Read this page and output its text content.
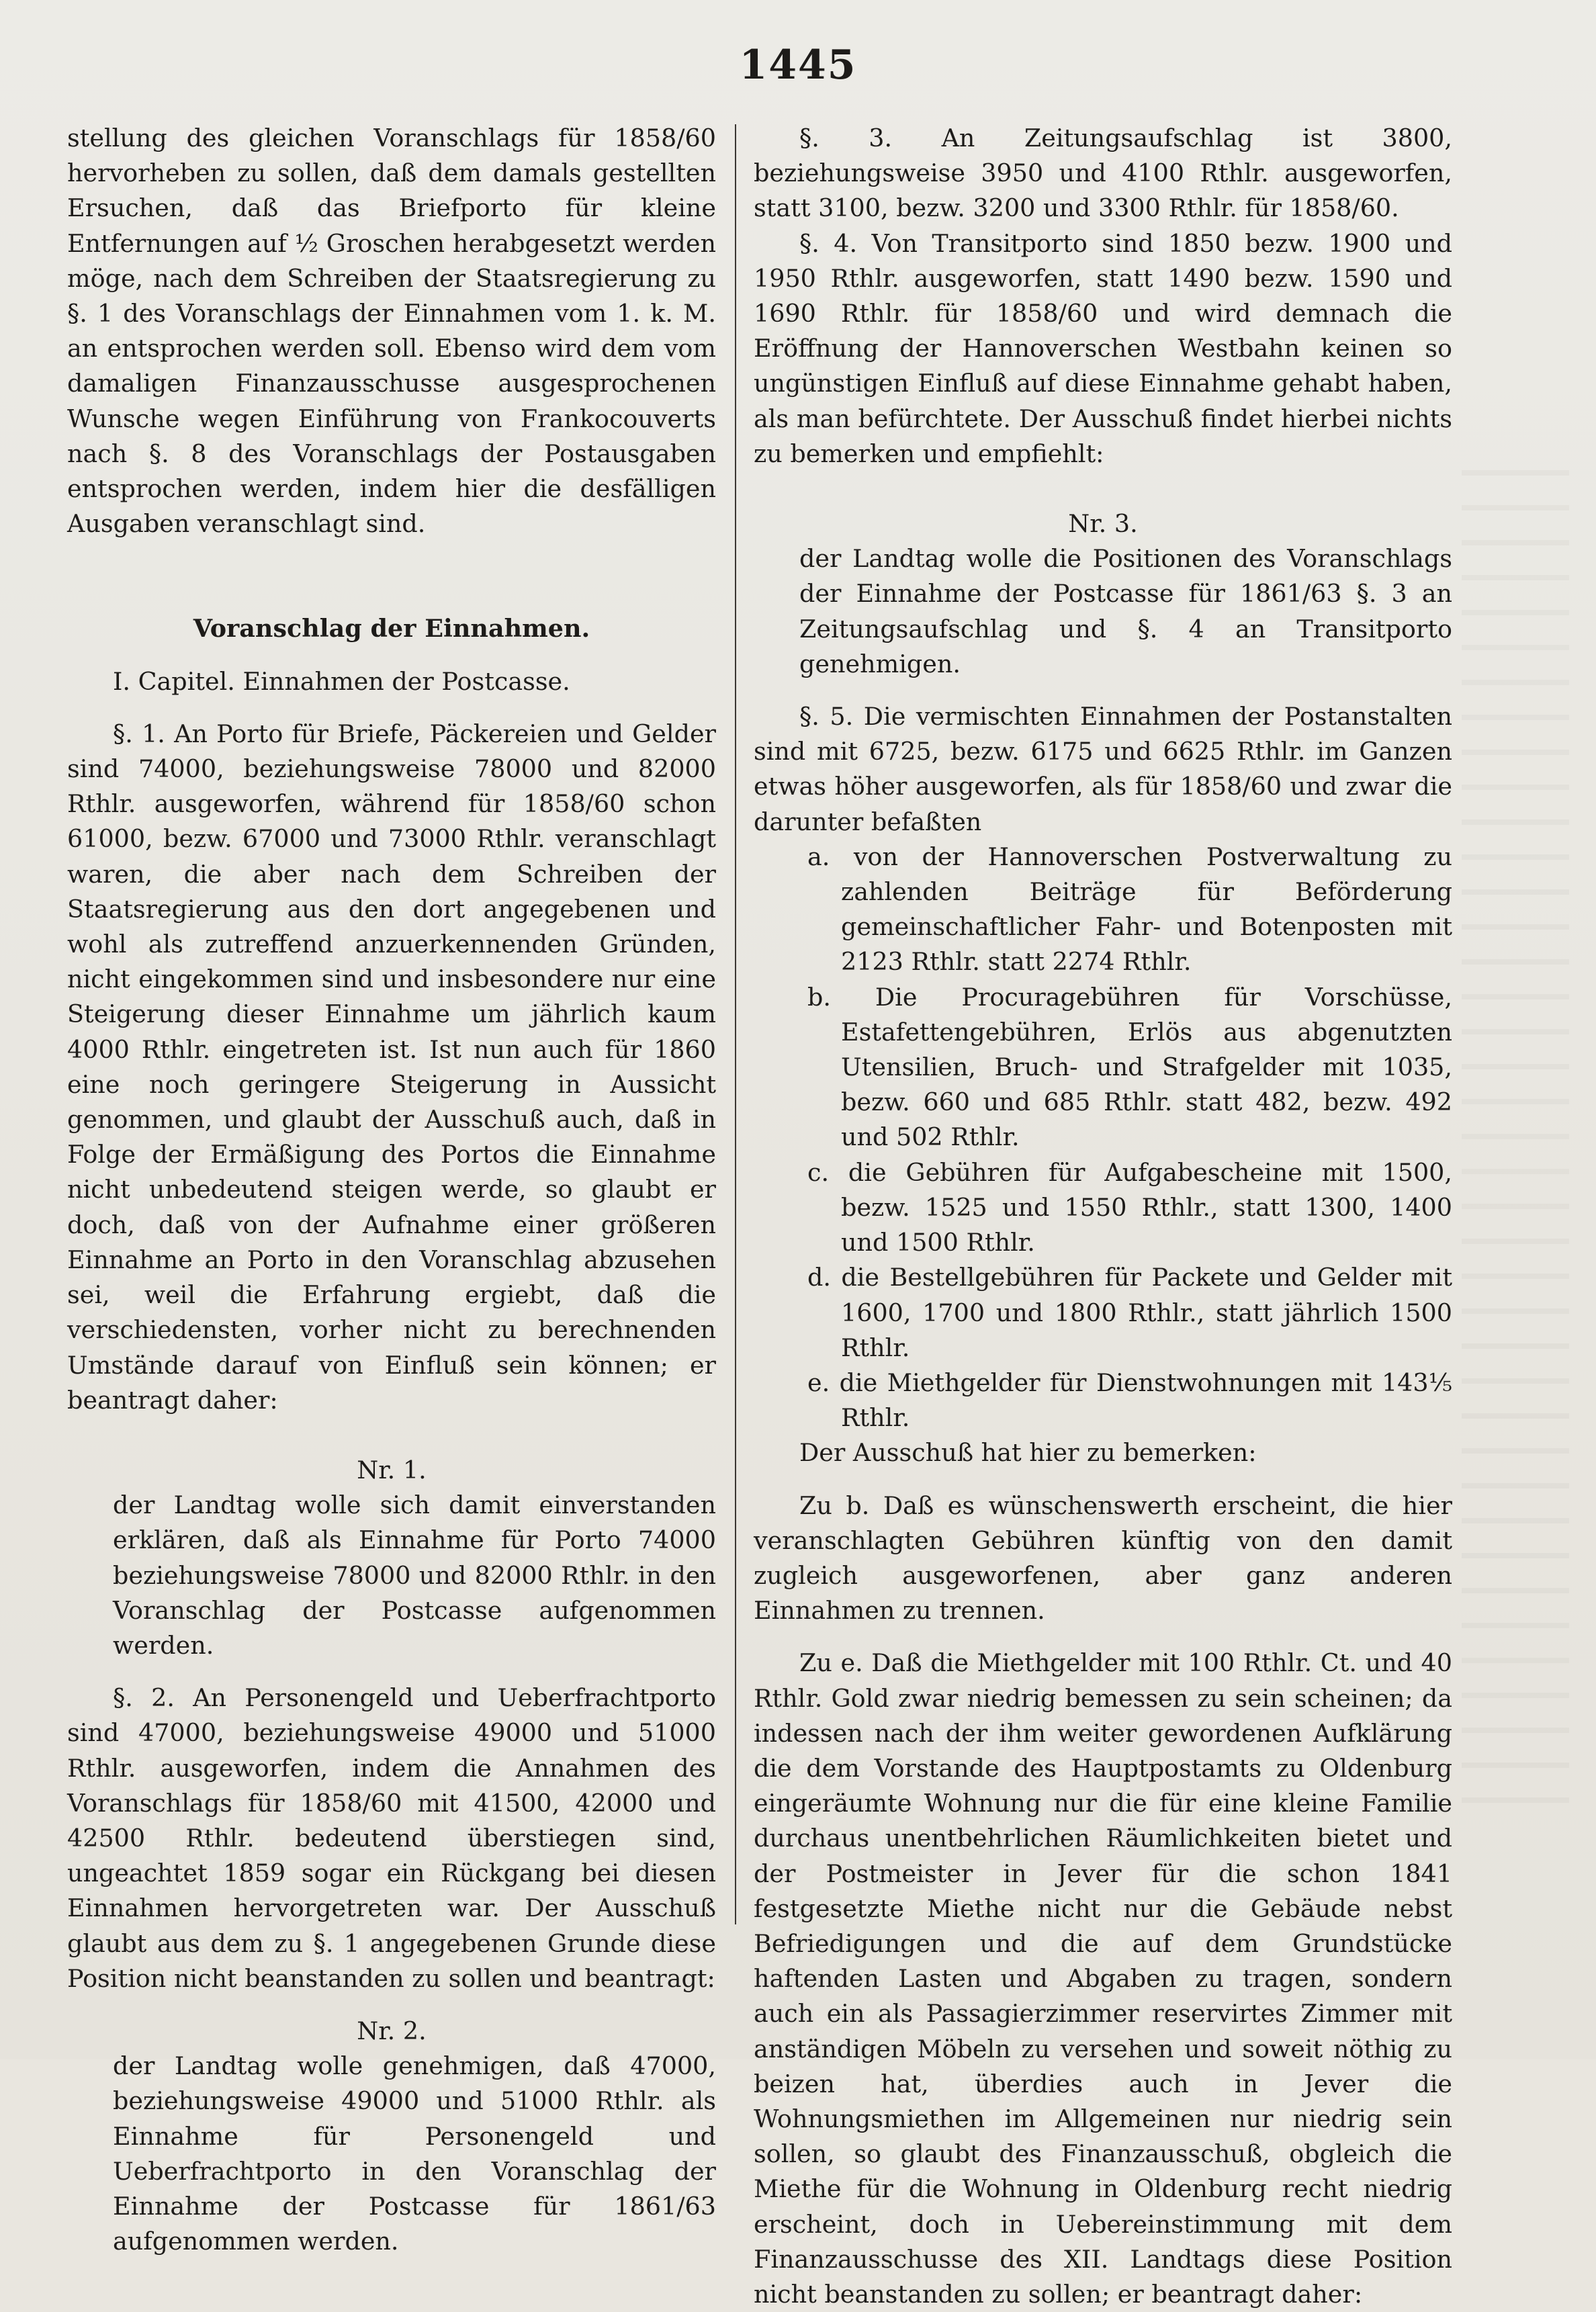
1445

stellung des gleichen Voranschlags für 1858/60 hervorheben zu sollen, daß dem damals gestellten Ersuchen, daß das Briefporto für kleine Entfernungen auf ½ Groschen herabgesetzt werden möge, nach dem Schreiben der Staatsregierung zu §. 1 des Voranschlags der Einnahmen vom 1. k. M. an entsprochen werden soll. Ebenso wird dem vom damaligen Finanzausschusse ausgesprochenen Wunsche wegen Einführung von Frankocouverts nach §. 8 des Voranschlags der Postausgaben entsprochen werden, indem hier die desfälligen Ausgaben veranschlagt sind.

Voranschlag der Einnahmen.

I. Capitel. Einnahmen der Postcasse.

§. 1. An Porto für Briefe, Päckereien und Gelder sind 74000, beziehungsweise 78000 und 82000 Rthlr. ausgeworfen, während für 1858/60 schon 61000, bezw. 67000 und 73000 Rthlr. veranschlagt waren, die aber nach dem Schreiben der Staatsregierung aus den dort angegebenen und wohl als zutreffend anzuerkennenden Gründen, nicht eingekommen sind und insbesondere nur eine Steigerung dieser Einnahme um jährlich kaum 4000 Rthlr. eingetreten ist. Ist nun auch für 1860 eine noch geringere Steigerung in Aussicht genommen, und glaubt der Ausschuß auch, daß in Folge der Ermäßigung des Portos die Einnahme nicht unbedeutend steigen werde, so glaubt er doch, daß von der Aufnahme einer größeren Einnahme an Porto in den Voranschlag abzusehen sei, weil die Erfahrung ergiebt, daß die verschiedensten, vorher nicht zu berechnenden Umstände darauf von Einfluß sein können; er beantragt daher:

Nr. 1.

der Landtag wolle sich damit einverstanden erklären, daß als Einnahme für Porto 74000 beziehungsweise 78000 und 82000 Rthlr. in den Voranschlag der Postcasse aufgenommen werden.

§. 2. An Personengeld und Ueberfrachtporto sind 47000, beziehungsweise 49000 und 51000 Rthlr. ausgeworfen, indem die Annahmen des Voranschlags für 1858/60 mit 41500, 42000 und 42500 Rthlr. bedeutend überstiegen sind, ungeachtet 1859 sogar ein Rückgang bei diesen Einnahmen hervorgetreten war. Der Ausschuß glaubt aus dem zu §. 1 angegebenen Grunde diese Position nicht beanstanden zu sollen und beantragt:

Nr. 2.

der Landtag wolle genehmigen, daß 47000, beziehungsweise 49000 und 51000 Rthlr. als Einnahme für Personengeld und Ueberfrachtporto in den Voranschlag der Einnahme der Postcasse für 1861/63 aufgenommen werden.

§. 3. An Zeitungsaufschlag ist 3800, beziehungsweise 3950 und 4100 Rthlr. ausgeworfen, statt 3100, bezw. 3200 und 3300 Rthlr. für 1858/60.

§. 4. Von Transitporto sind 1850 bezw. 1900 und 1950 Rthlr. ausgeworfen, statt 1490 bezw. 1590 und 1690 Rthlr. für 1858/60 und wird demnach die Eröffnung der Hannoverschen Westbahn keinen so ungünstigen Einfluß auf diese Einnahme gehabt haben, als man befürchtete. Der Ausschuß findet hierbei nichts zu bemerken und empfiehlt:

Nr. 3.

der Landtag wolle die Positionen des Voranschlags der Einnahme der Postcasse für 1861/63 §. 3 an Zeitungsaufschlag und §. 4 an Transitporto genehmigen.

§. 5. Die vermischten Einnahmen der Postanstalten sind mit 6725, bezw. 6175 und 6625 Rthlr. im Ganzen etwas höher ausgeworfen, als für 1858/60 und zwar die darunter befaßten

a. von der Hannoverschen Postverwaltung zu zahlenden Beiträge für Beförderung gemeinschaftlicher Fahr- und Botenposten mit 2123 Rthlr. statt 2274 Rthlr.

b. Die Procuragebühren für Vorschüsse, Estafettengebühren, Erlös aus abgenutzten Utensilien, Bruch- und Strafgelder mit 1035, bezw. 660 und 685 Rthlr. statt 482, bezw. 492 und 502 Rthlr.

c. die Gebühren für Aufgabescheine mit 1500, bezw. 1525 und 1550 Rthlr., statt 1300, 1400 und 1500 Rthlr.

d. die Bestellgebühren für Packete und Gelder mit 1600, 1700 und 1800 Rthlr., statt jährlich 1500 Rthlr.

e. die Miethgelder für Dienstwohnungen mit 143⅕ Rthlr.

Der Ausschuß hat hier zu bemerken:

Zu b. Daß es wünschenswerth erscheint, die hier veranschlagten Gebühren künftig von den damit zugleich ausgeworfenen, aber ganz anderen Einnahmen zu trennen.

Zu e. Daß die Miethgelder mit 100 Rthlr. Ct. und 40 Rthlr. Gold zwar niedrig bemessen zu sein scheinen; da indessen nach der ihm weiter gewordenen Aufklärung die dem Vorstande des Hauptpostamts zu Oldenburg eingeräumte Wohnung nur die für eine kleine Familie durchaus unentbehrlichen Räumlichkeiten bietet und der Postmeister in Jever für die schon 1841 festgesetzte Miethe nicht nur die Gebäude nebst Befriedigungen und die auf dem Grundstücke haftenden Lasten und Abgaben zu tragen, sondern auch ein als Passagierzimmer reservirtes Zimmer mit anständigen Möbeln zu versehen und soweit nöthig zu beizen hat, überdies auch in Jever die Wohnungsmiethen im Allgemeinen nur niedrig sein sollen, so glaubt des Finanzausschuß, obgleich die Miethe für die Wohnung in Oldenburg recht niedrig erscheint, doch in Uebereinstimmung mit dem Finanzausschusse des XII. Landtags diese Position nicht beanstanden zu sollen; er beantragt daher:
